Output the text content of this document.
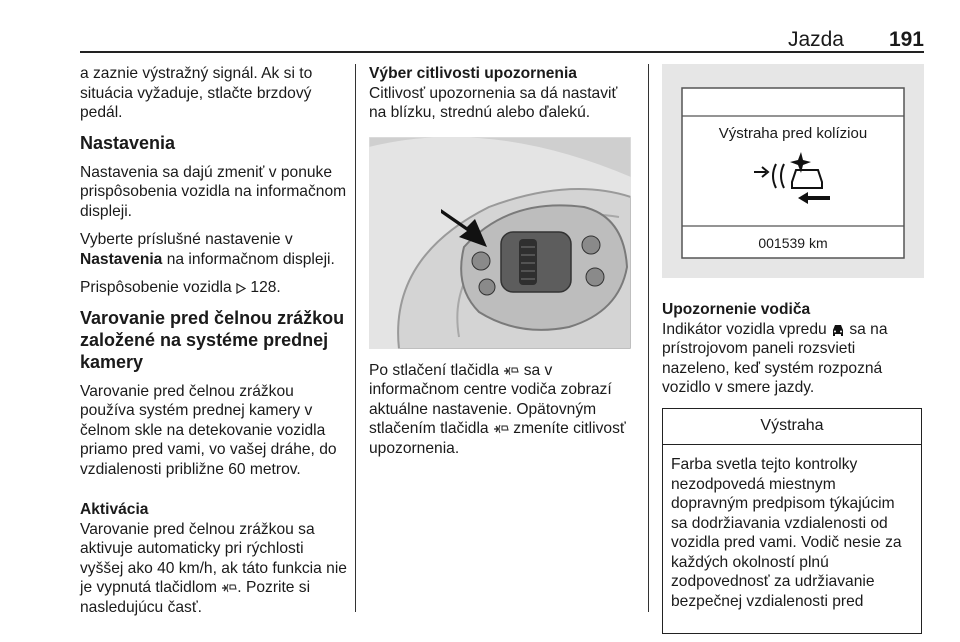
Jazda 191

a zaznie výstražný signál. Ak si to situácia vyžaduje, stlačte brzdový pedál.

Nastavenia

Nastavenia sa dajú zmeniť v ponuke prispôsobenia vozidla na informačnom displeji.

Vyberte príslušné nastavenie v Nastavenia na informačnom displeji.

Prispôsobenie vozidla 128.

Varovanie pred čelnou zrážkou založené na systéme prednej kamery

Varovanie pred čelnou zrážkou používa systém prednej kamery v čelnom skle na detekovanie vozidla priamo pred vami, vo vašej dráhe, do vzdialenosti približne 60 metrov.

Aktivácia

Varovanie pred čelnou zrážkou sa aktivuje automaticky pri rýchlosti vyššej ako 40 km/h, ak táto funkcia nie je vypnutá tlačidlom . Pozrite si nasledujúcu časť.

Výber citlivosti upozornenia

Citlivosť upozornenia sa dá nastaviť na blízku, strednú alebo ďalekú.

Po stlačení tlačidla  sa v informačnom centre vodiča zobrazí aktuálne nastavenie. Opätovným stlačením tlačidla  zmeníte citlivosť upozornenia.

Výstraha pred kolíziou
001539 km
Upozornenie vodiča

Indikátor vozidla vpredu  sa na prístrojovom paneli rozsvieti nazeleno, keď systém rozpozná vozidlo v smere jazdy.

Výstraha
Farba svetla tejto kontrolky nezodpovedá miestnym dopravným predpisom týkajúcim sa dodržiavania vzdialenosti od vozidla pred vami. Vodič nesie za každých okolností plnú zodpovednosť za udržiavanie bezpečnej vzdialenosti pred
